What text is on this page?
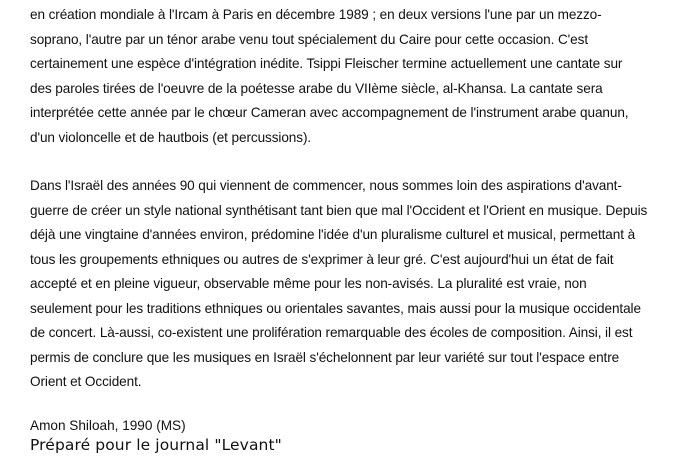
en création mondiale à l'Ircam à Paris en décembre 1989 ; en deux versions l'une par un mezzo-
soprano, l'autre par un ténor arabe venu tout spécialement du Caire pour cette occasion. C'est
certainement une espèce d'intégration inédite. Tsippi Fleischer termine actuellement une cantate sur
des paroles tirées de l'oeuvre de la poétesse arabe du VIIème siècle, al-Khansa. La cantate sera
interprétée cette année par le chœur Cameran avec accompagnement de l'instrument arabe quanun,
d'un violoncelle et de hautbois (et percussions).
Dans l'Israël des années 90 qui viennent de commencer, nous sommes loin des aspirations d'avant-
guerre de créer un style national synthétisant tant bien que mal l'Occident et l'Orient en musique. Depuis
déjà une vingtaine d'années environ, prédomine l'idée d'un pluralisme culturel et musical, permettant à
tous les groupements ethniques ou autres de s'exprimer à leur gré. C'est aujourd'hui un état de fait
accepté et en pleine vigueur, observable même pour les non-avisés. La pluralité est vraie, non
seulement pour les traditions ethniques ou orientales savantes, mais aussi pour la musique occidentale
de concert. Là-aussi, co-existent une prolifération remarquable des écoles de composition. Ainsi, il est
permis de conclure que les musiques en Israël s'échelonnent par leur variété sur tout l'espace entre
Orient et Occident.
Amon Shiloah, 1990 (MS)
Préparé pour le journal "Levant"
